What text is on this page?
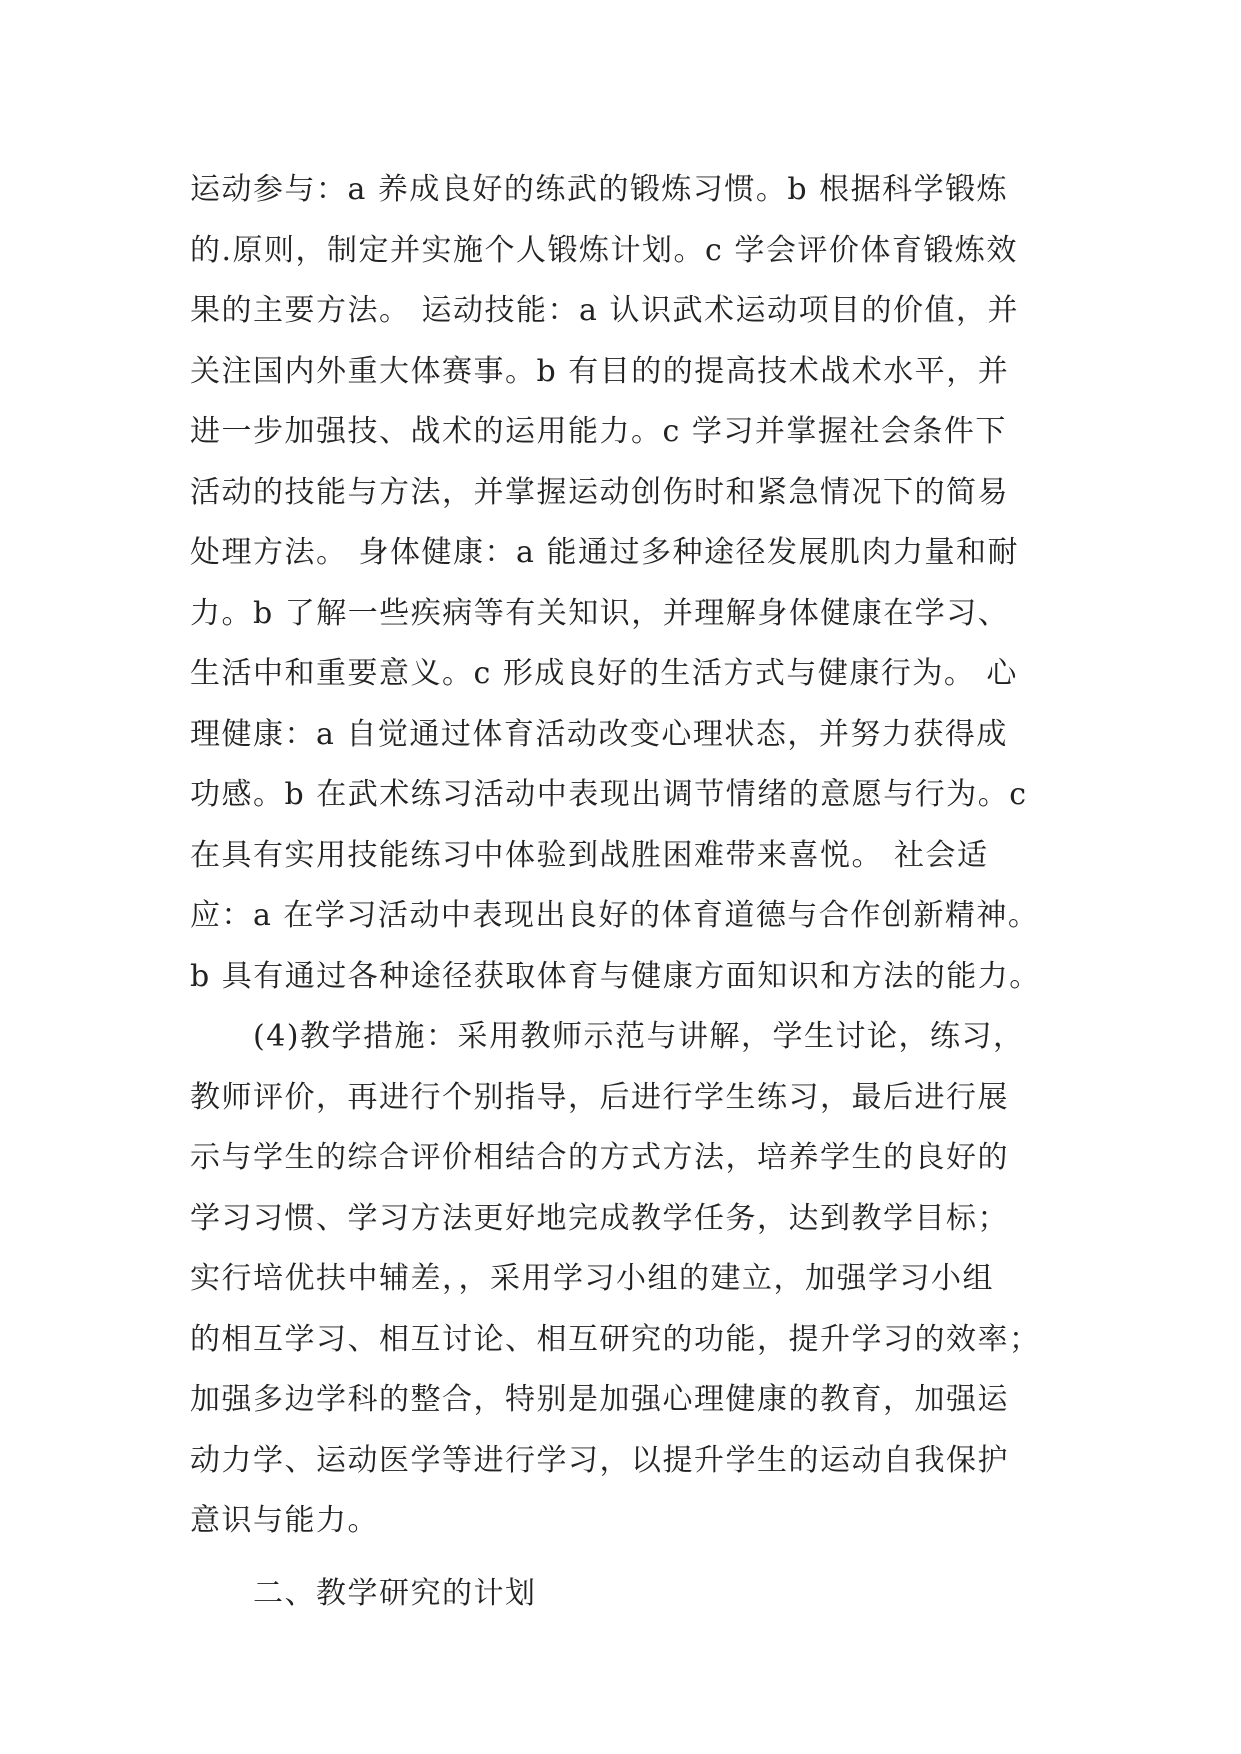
运动参与：a 养成良好的练武的锻炼习惯。b 根据科学锻炼
的.原则，制定并实施个人锻炼计划。c 学会评价体育锻炼效
果的主要方法。 运动技能：a 认识武术运动项目的价值，并
关注国内外重大体赛事。b 有目的的提高技术战术水平，并
进一步加强技、战术的运用能力。c 学习并掌握社会条件下
活动的技能与方法，并掌握运动创伤时和紧急情况下的简易
处理方法。 身体健康：a 能通过多种途径发展肌肉力量和耐
力。b 了解一些疾病等有关知识，并理解身体健康在学习、
生活中和重要意义。c 形成良好的生活方式与健康行为。 心
理健康：a 自觉通过体育活动改变心理状态，并努力获得成
功感。b 在武术练习活动中表现出调节情绪的意愿与行为。c
在具有实用技能练习中体验到战胜困难带来喜悦。 社会适
应：a 在学习活动中表现出良好的体育道德与合作创新精神。
b 具有通过各种途径获取体育与健康方面知识和方法的能力。
(4)教学措施：采用教师示范与讲解，学生讨论，练习，
教师评价，再进行个别指导，后进行学生练习，最后进行展
示与学生的综合评价相结合的方式方法，培养学生的良好的
学习习惯、学习方法更好地完成教学任务，达到教学目标；
实行培优扶中辅差，，采用学习小组的建立，加强学习小组
的相互学习、相互讨论、相互研究的功能，提升学习的效率；
加强多边学科的整合，特别是加强心理健康的教育，加强运
动力学、运动医学等进行学习，以提升学生的运动自我保护
意识与能力。
二、教学研究的计划
